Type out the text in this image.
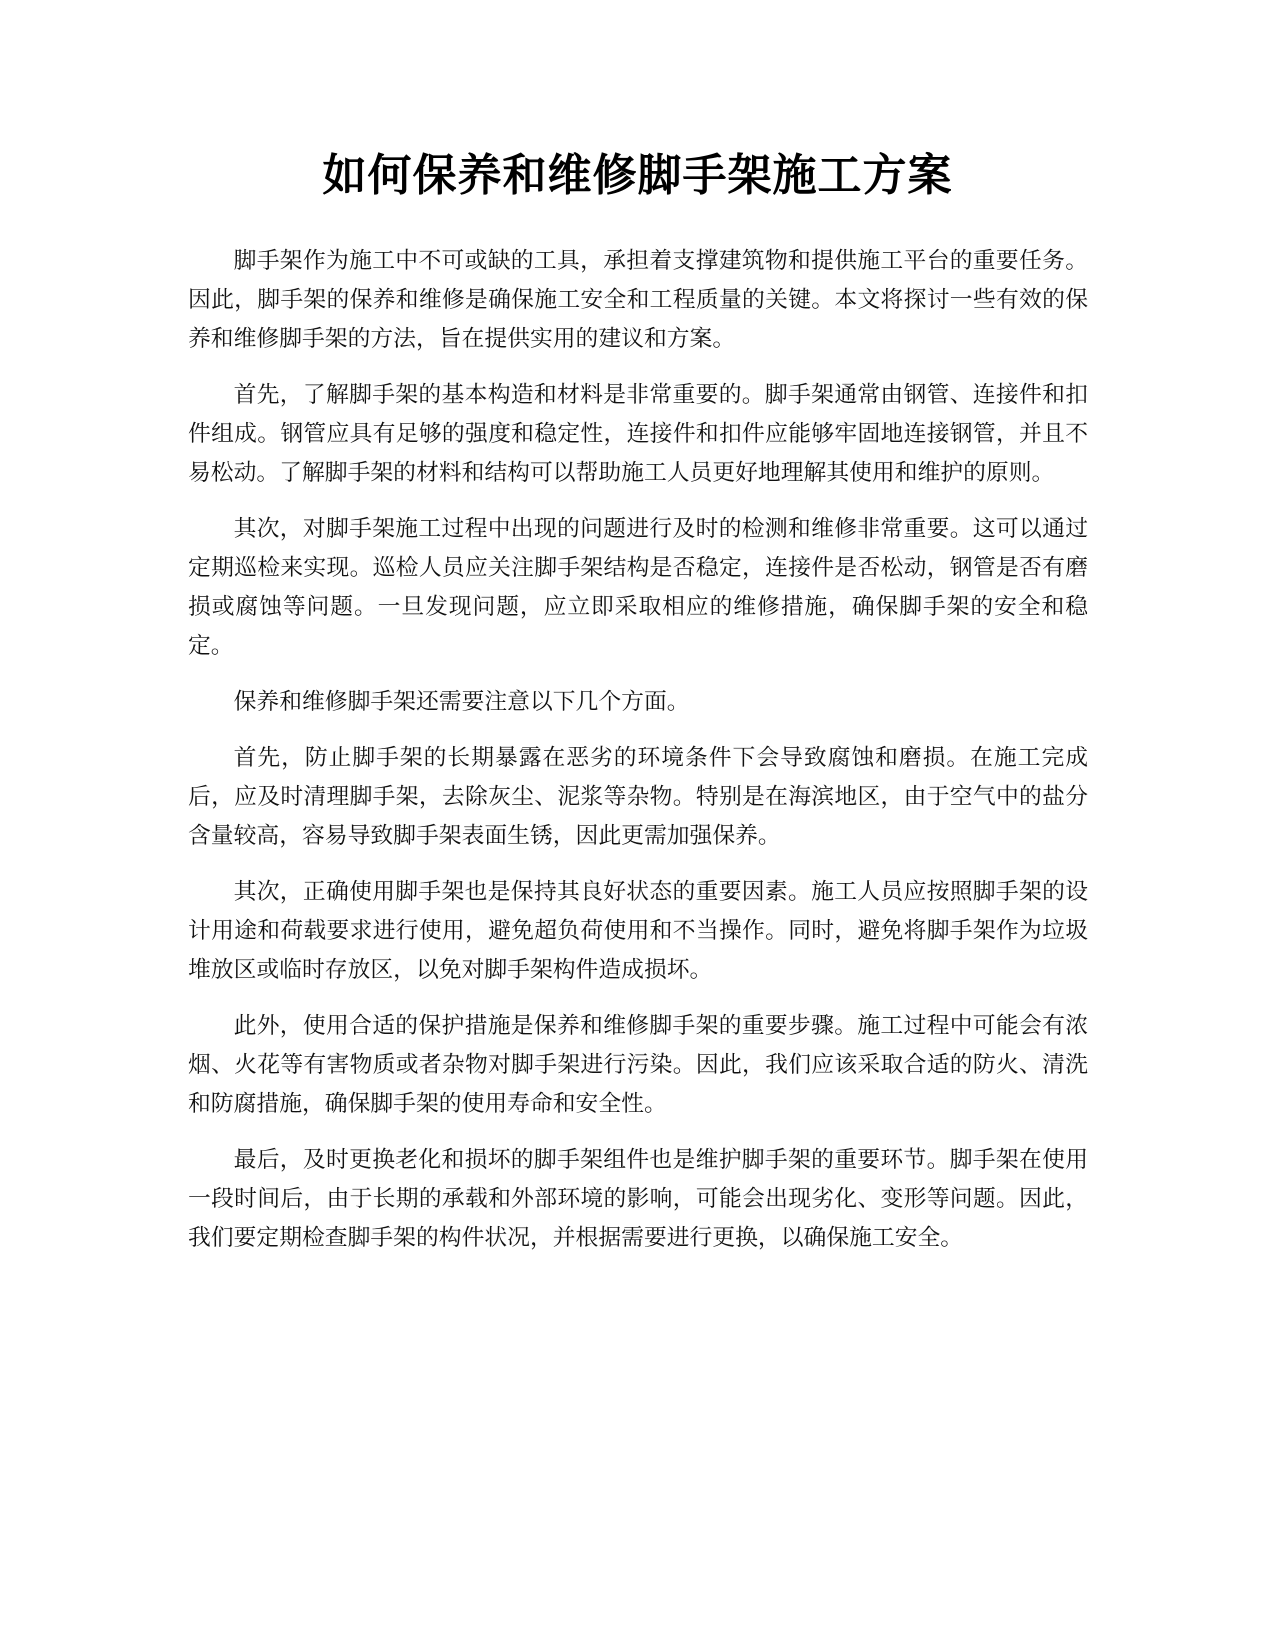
如何保养和维修脚手架施工方案

脚手架作为施工中不可或缺的工具，承担着支撑建筑物和提供施工平台的重要任务。因此，脚手架的保养和维修是确保施工安全和工程质量的关键。本文将探讨一些有效的保养和维修脚手架的方法，旨在提供实用的建议和方案。

首先，了解脚手架的基本构造和材料是非常重要的。脚手架通常由钢管、连接件和扣件组成。钢管应具有足够的强度和稳定性，连接件和扣件应能够牢固地连接钢管，并且不易松动。了解脚手架的材料和结构可以帮助施工人员更好地理解其使用和维护的原则。

其次，对脚手架施工过程中出现的问题进行及时的检测和维修非常重要。这可以通过定期巡检来实现。巡检人员应关注脚手架结构是否稳定，连接件是否松动，钢管是否有磨损或腐蚀等问题。一旦发现问题，应立即采取相应的维修措施，确保脚手架的安全和稳定。

保养和维修脚手架还需要注意以下几个方面。

首先，防止脚手架的长期暴露在恶劣的环境条件下会导致腐蚀和磨损。在施工完成后，应及时清理脚手架，去除灰尘、泥浆等杂物。特别是在海滨地区，由于空气中的盐分含量较高，容易导致脚手架表面生锈，因此更需加强保养。

其次，正确使用脚手架也是保持其良好状态的重要因素。施工人员应按照脚手架的设计用途和荷载要求进行使用，避免超负荷使用和不当操作。同时，避免将脚手架作为垃圾堆放区或临时存放区，以免对脚手架构件造成损坏。

此外，使用合适的保护措施是保养和维修脚手架的重要步骤。施工过程中可能会有浓烟、火花等有害物质或者杂物对脚手架进行污染。因此，我们应该采取合适的防火、清洗和防腐措施，确保脚手架的使用寿命和安全性。

最后，及时更换老化和损坏的脚手架组件也是维护脚手架的重要环节。脚手架在使用一段时间后，由于长期的承载和外部环境的影响，可能会出现劣化、变形等问题。因此，我们要定期检查脚手架的构件状况，并根据需要进行更换，以确保施工安全。
